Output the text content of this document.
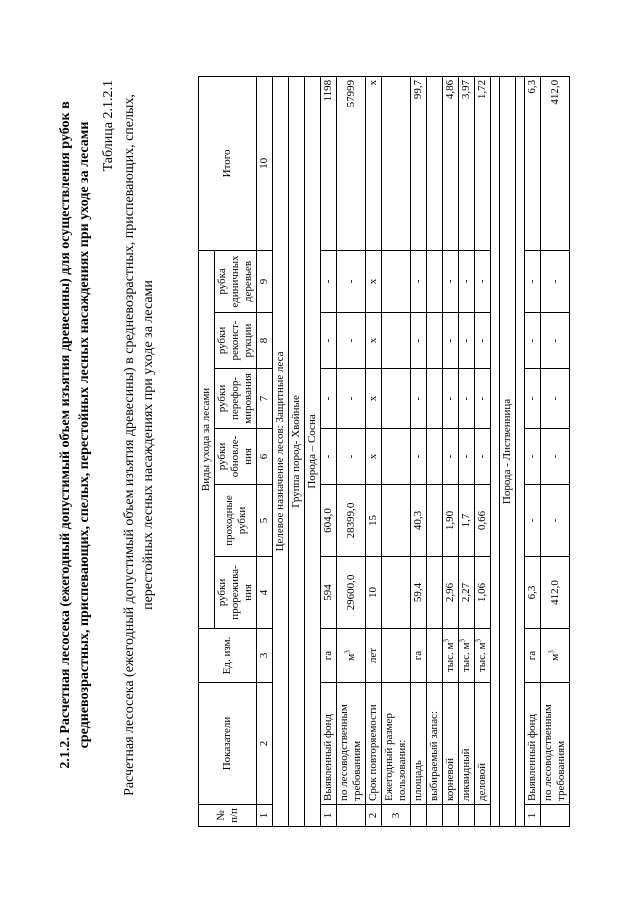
2.1.2. Расчетная лесосека (ежегодный допустимый объем изъятия древесины) для осуществления рубок в средневозрастных, приспевающих, спелых, перестойных лесных насаждениях при уходе за лесами Таблица 2.1.2.1 Расчетная лесосека (ежегодный допустимый объем изъятия древесины) в средневозрастных, приспевающих, спелых, перестойных лесных насаждениях при уходе за лесами
№ п/п	Показатели	Ед. изм.	Виды ухода за лесами						Итого
			рубки прорежива-ния	проходные рубки	рубки обновле-ния	рубки перефор-мирования	рубки реконст-рукции	рубка единичных деревьев	
1	2	3	4	5	6	7	8	9	10
Целевое назначение лесов: Защитные леса									
Группа пород- Хвойные									
Порода – Сосна									
1	Выявленный фонд	га	594	604,0	-	-	-	-	1198
	по лесоводственным требованиям	$м^3$	29600,0	28399,0	-	-	-	-	57999
2	Срок повторяемости	лет	10	15	х	х	х	х	х
3	Ежегодный размер пользования:								
	площадь	га	59,4	40,3	-	-	-	-	99,7
	выбираемый запас:								
	корневой	тыс. $м^3$	2,96	1,90	-	-	-	-	4,86
	ликвидный	тыс. $м^3$	2,27	1,7	-	-	-	-	3,97
	деловой	тыс. $м^3$	1,06	0,66	-	-	-	-	1,72

Порода - Лиственница									

1	Выявленный фонд	га	6,3	-	-	-	-	-	6,3
	по лесоводственным требованиям	$м^3$	412,0	-	-	-	-	-	412,0
